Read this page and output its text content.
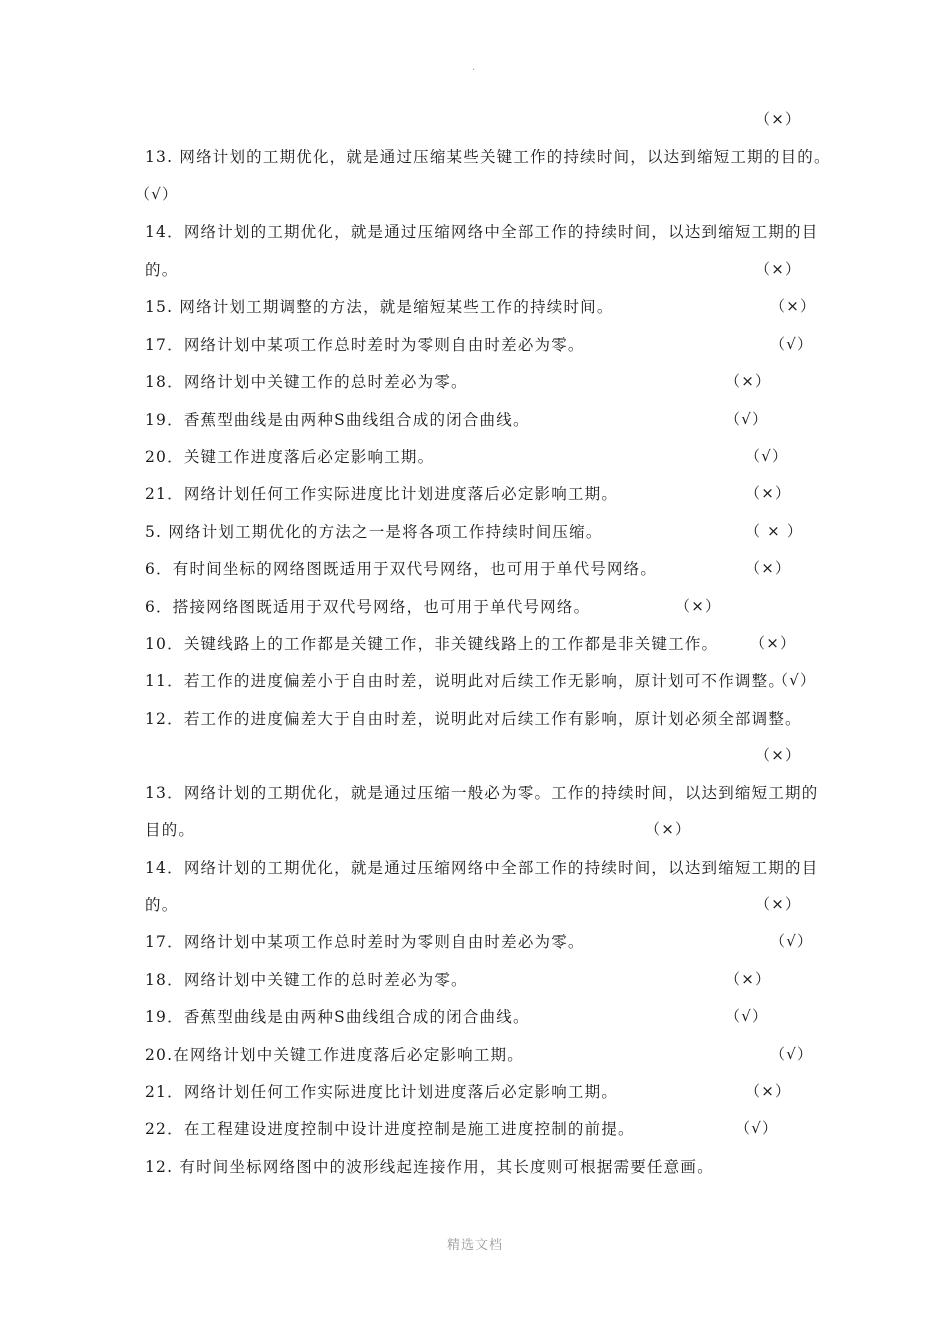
.
（×）
13. 网络计划的工期优化，就是通过压缩某些关键工作的持续时间，以达到缩短工期的目的。
（√）
14．网络计划的工期优化，就是通过压缩网络中全部工作的持续时间，以达到缩短工期的目
的。	（×）
15. 网络计划工期调整的方法，就是缩短某些工作的持续时间。	（×）
17．网络计划中某项工作总时差时为零则自由时差必为零。	（√）
18．网络计划中关键工作的总时差必为零。	（×）
19．香蕉型曲线是由两种S曲线组合成的闭合曲线。	（√）
20．关键工作进度落后必定影响工期。	（√）
21．网络计划任何工作实际进度比计划进度落后必定影响工期。	（×）
5. 网络计划工期优化的方法之一是将各项工作持续时间压缩。	（ × ）
6．有时间坐标的网络图既适用于双代号网络，也可用于单代号网络。	（×）
6．搭接网络图既适用于双代号网络，也可用于单代号网络。	（×）
10．关键线路上的工作都是关键工作，非关键线路上的工作都是非关键工作。 （×）
11．若工作的进度偏差小于自由时差，说明此对后续工作无影响，原计划可不作调整。
（√）
12．若工作的进度偏差大于自由时差，说明此对后续工作有影响，原计划必须全部调整。
（×）
13．网络计划的工期优化，就是通过压缩一般必为零。工作的持续时间，以达到缩短工期的
目的。	（×）
14．网络计划的工期优化，就是通过压缩网络中全部工作的持续时间，以达到缩短工期的目
的。	（×）
17．网络计划中某项工作总时差时为零则自由时差必为零。	（√）
18．网络计划中关键工作的总时差必为零。	（×）
19．香蕉型曲线是由两种S曲线组合成的闭合曲线。	（√）
20.在网络计划中关键工作进度落后必定影响工期。	（√）
21．网络计划任何工作实际进度比计划进度落后必定影响工期。	（×）
22．在工程建设进度控制中设计进度控制是施工进度控制的前提。	（√）
12. 有时间坐标网络图中的波形线起连接作用，其长度则可根据需要任意画。
精选文档
